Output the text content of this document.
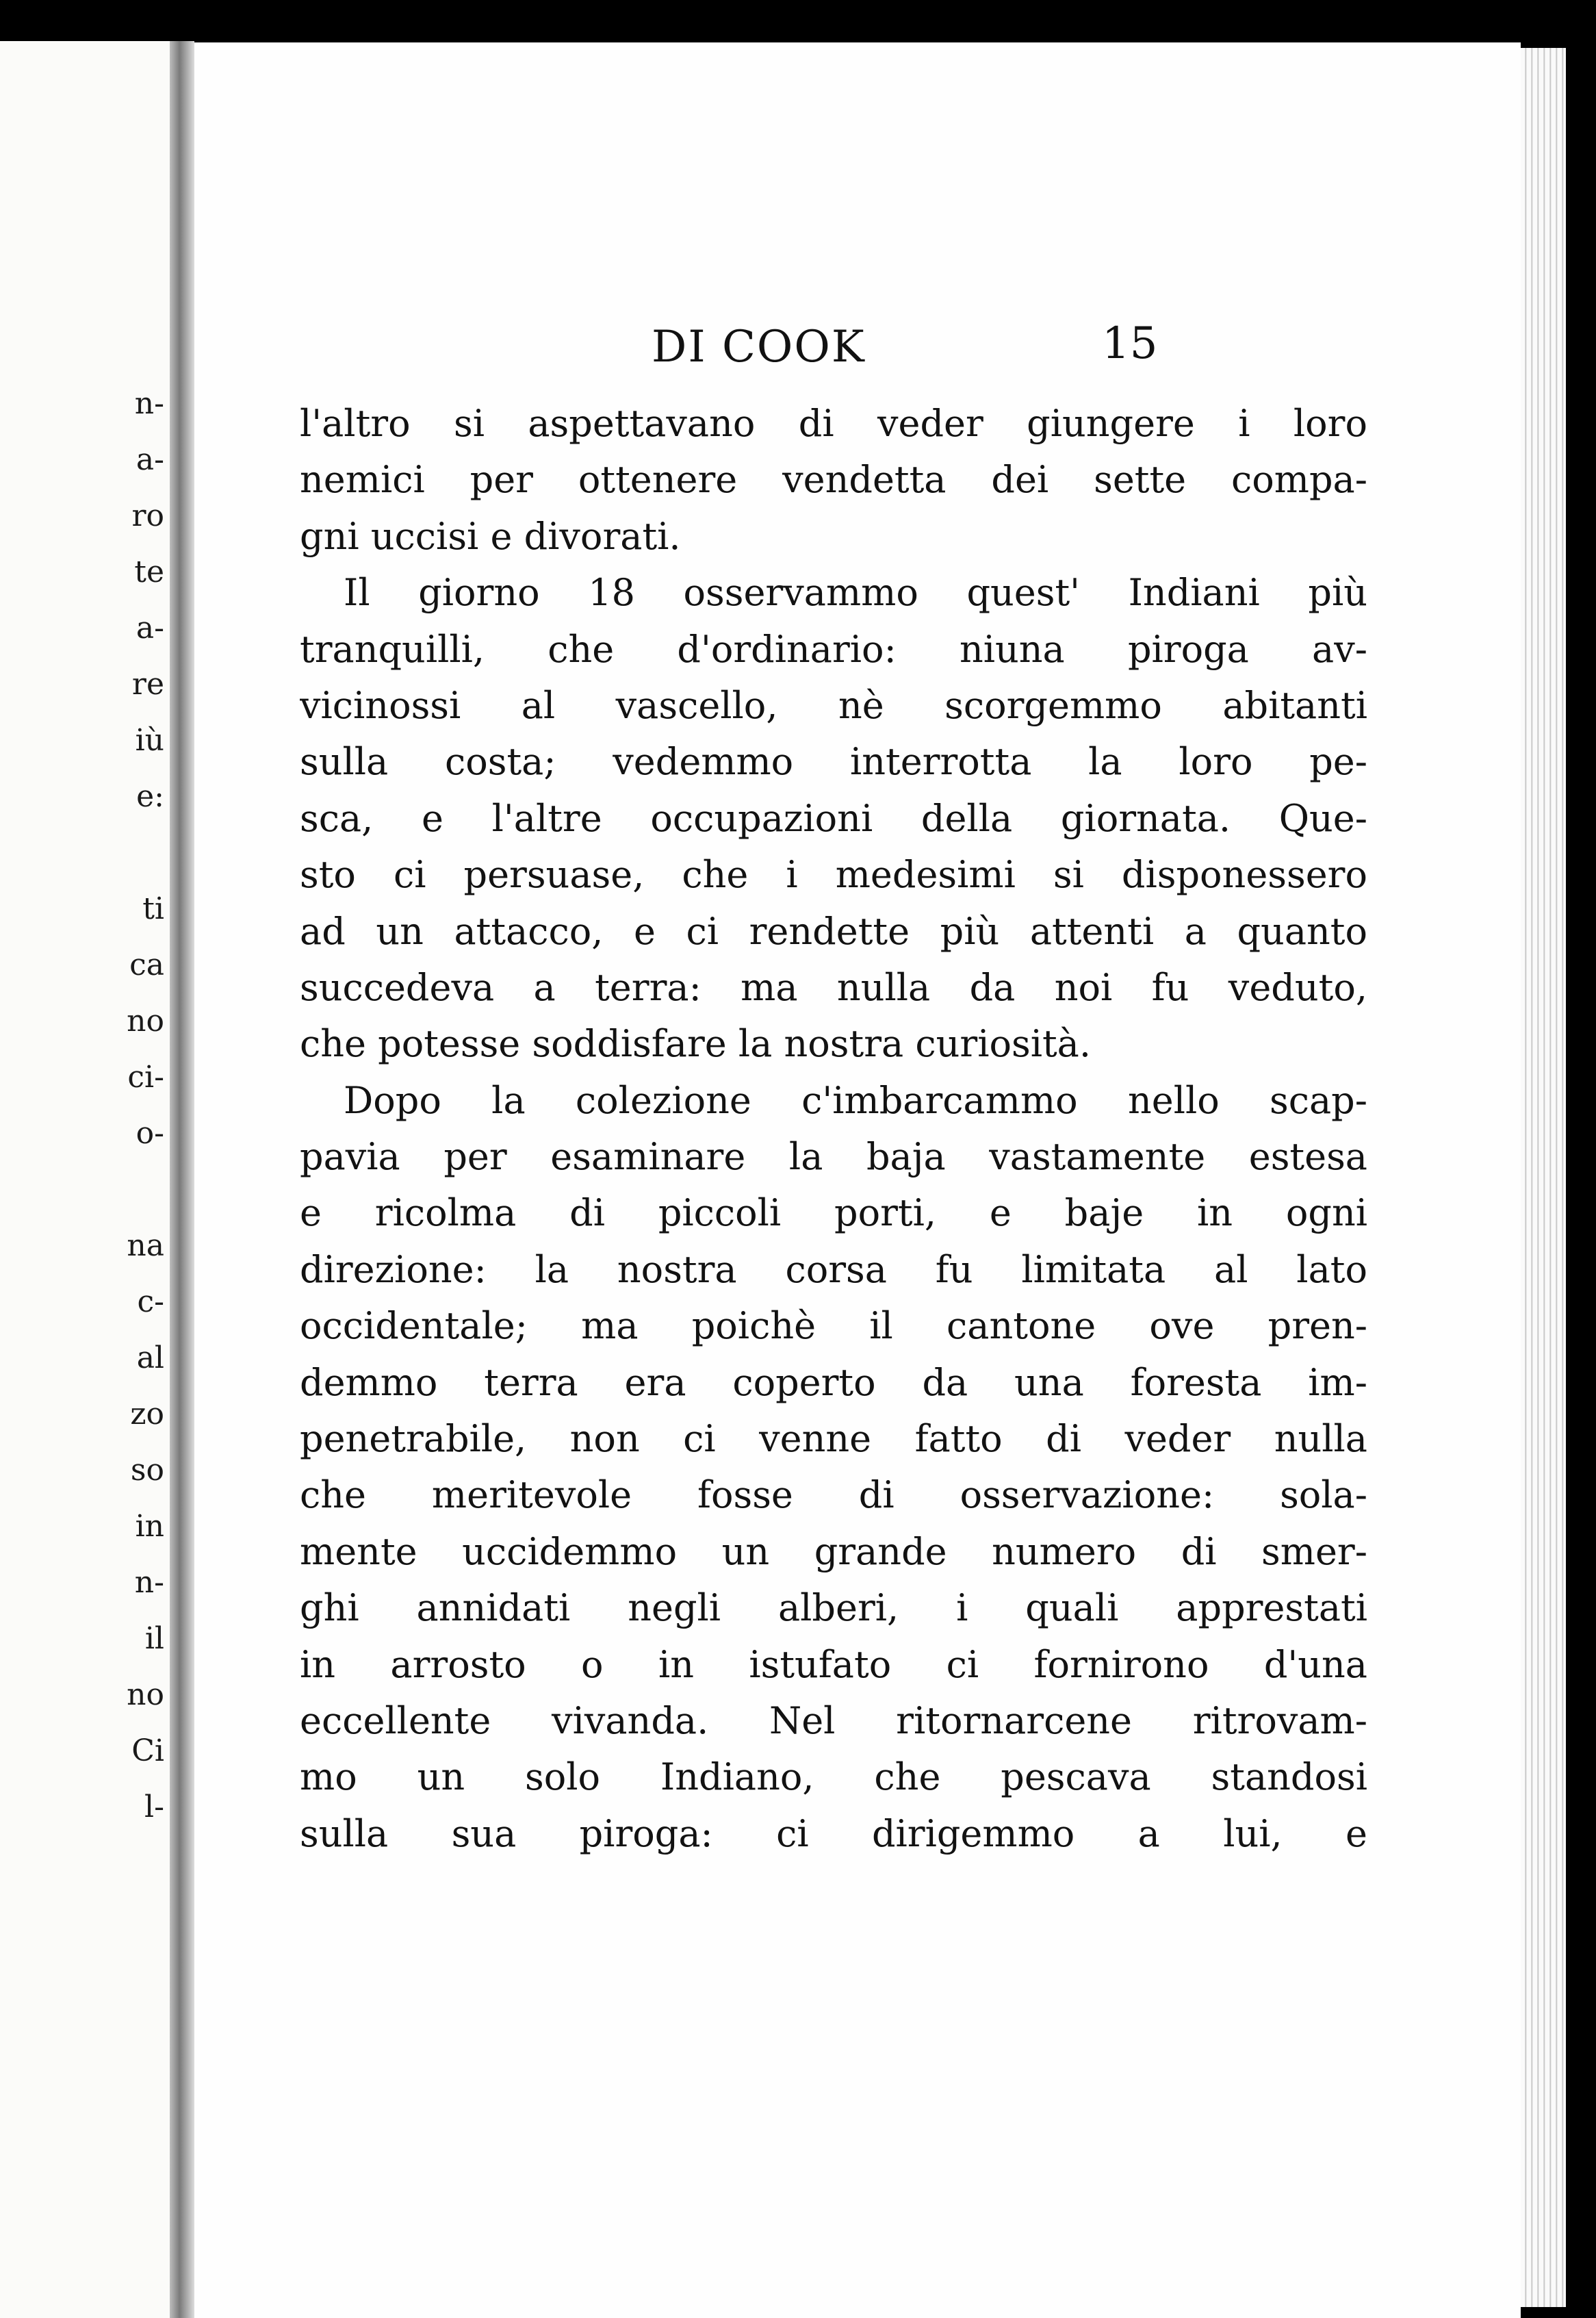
n-
a-
ro
te
a-
re
iù
e:
ti
ca
no
ci-
o-
na
c-
al
zo
so
in
n-
il
no
Ci
l-
DI COOK	15
l'altro si aspettavano di veder giungere i loro
nemici per ottenere vendetta dei sette compa-
gni uccisi e divorati.
Il giorno 18 osservammo quest' Indiani più
tranquilli, che d'ordinario: niuna piroga av-
vicinossi al vascello, nè scorgemmo abitanti
sulla costa; vedemmo interrotta la loro pe-
sca, e l'altre occupazioni della giornata. Que-
sto ci persuase, che i medesimi si disponessero
ad un attacco, e ci rendette più attenti a quanto
succedeva a terra: ma nulla da noi fu veduto,
che potesse soddisfare la nostra curiosità.
Dopo la colezione c'imbarcammo nello scap-
pavia per esaminare la baja vastamente estesa
e ricolma di piccoli porti, e baje in ogni
direzione: la nostra corsa fu limitata al lato
occidentale; ma poichè il cantone ove pren-
demmo terra era coperto da una foresta im-
penetrabile, non ci venne fatto di veder nulla
che meritevole fosse di osservazione: sola-
mente uccidemmo un grande numero di smer-
ghi annidati negli alberi, i quali apprestati
in arrosto o in istufato ci fornirono d'una
eccellente vivanda. Nel ritornarcene ritrovam-
mo un solo Indiano, che pescava standosi
sulla sua piroga: ci dirigemmo a lui, e
